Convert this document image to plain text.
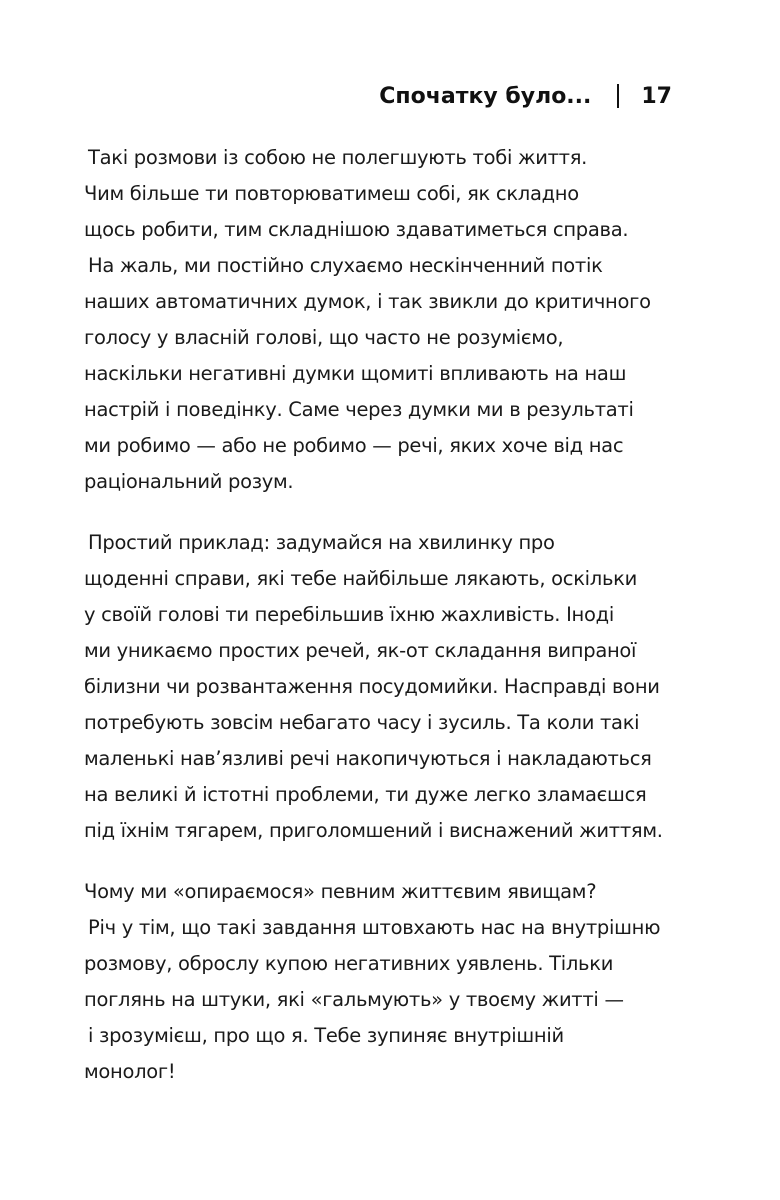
Спочатку було... 17

Такі розмови із собою не полегшують тобі життя.
Чим більше ти повторюватимеш собі, як складно
щось робити, тим складнішою здаватиметься справа.
На жаль, ми постійно слухаємо нескінченний потік
наших автоматичних думок, і так звикли до критичного
голосу у власній голові, що часто не розуміємо,
наскільки негативні думки щомиті впливають на наш
настрій і поведінку. Саме через думки ми в результаті
ми робимо — або не робимо — речі, яких хоче від нас
раціональний розум.

Простий приклад: задумайся на хвилинку про
щоденні справи, які тебе найбільше лякають, оскільки
у своїй голові ти перебільшив їхню жахливість. Іноді
ми уникаємо простих речей, як-от складання випраної
білизни чи розвантаження посудомийки. Насправді вони
потребують зовсім небагато часу і зусиль. Та коли такі
маленькі нав’язливі речі накопичуються і накладаються
на великі й істотні проблеми, ти дуже легко зламаєшся
під їхнім тягарем, приголомшений і виснажений життям.

Чому ми «опираємося» певним життєвим явищам?
Річ у тім, що такі завдання штовхають нас на внутрішню
розмову, оброслу купою негативних уявлень. Тільки
поглянь на штуки, які «гальмують» у твоєму житті —
і зрозумієш, про що я. Тебе зупиняє внутрішній
монолог!
